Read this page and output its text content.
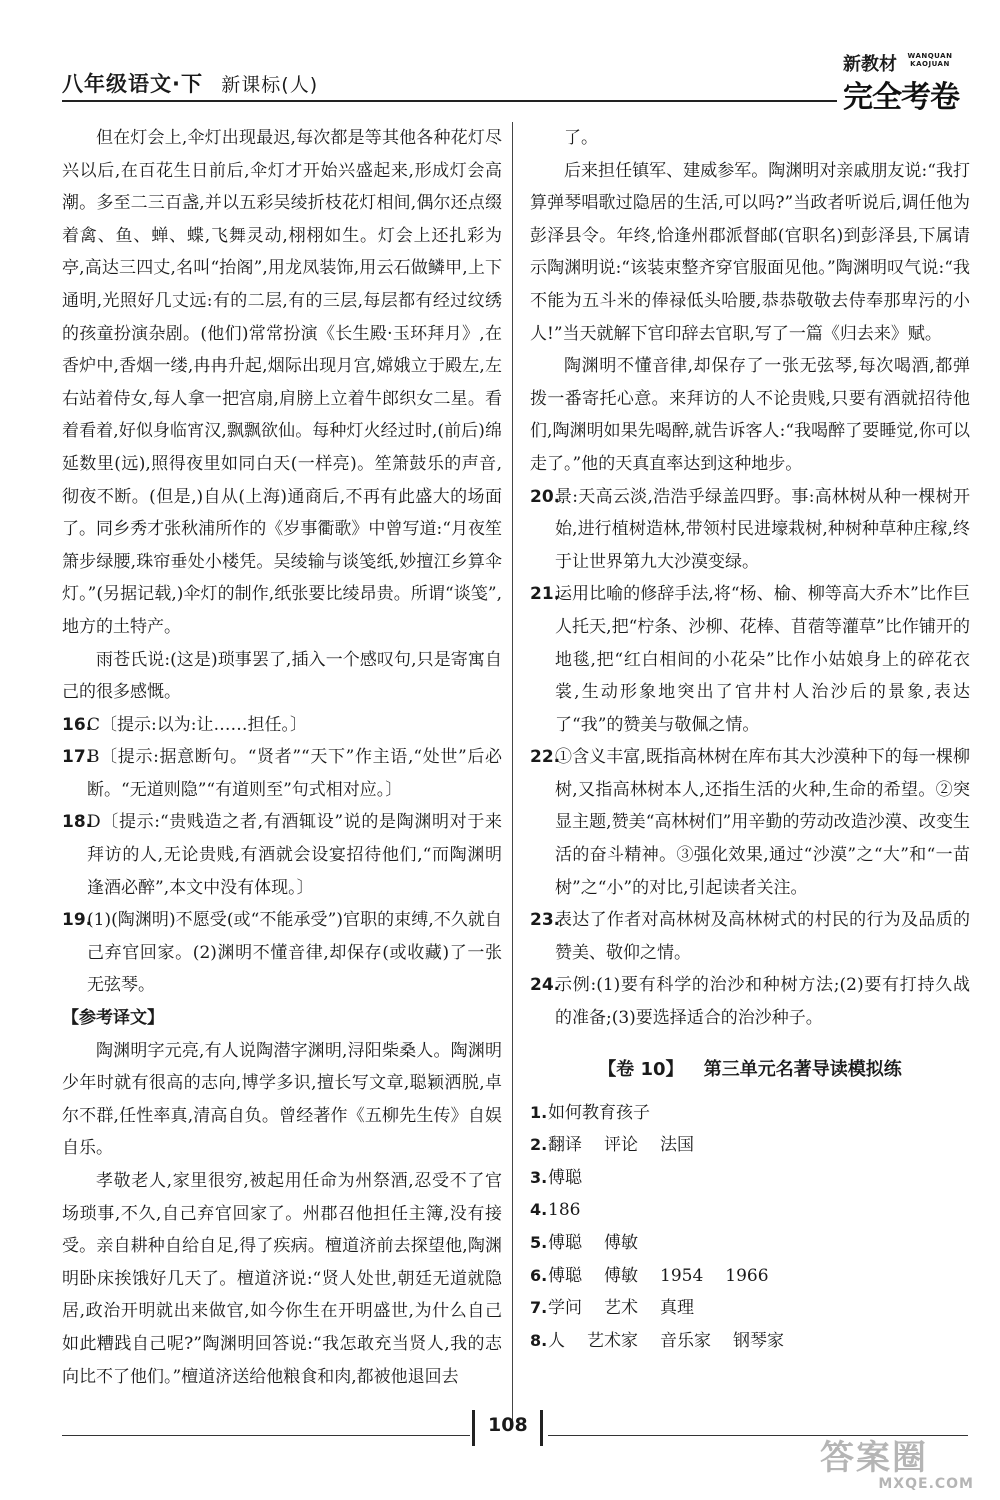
八年级语文·下 新课标(人)
新教材	WANQUAN
KAOJUAN
完全考卷

但在灯会上,伞灯出现最迟,每次都是等其他各种花灯尽兴以后,在百花生日前后,伞灯才开始兴盛起来,形成灯会高潮。多至二三百盏,并以五彩吴绫折枝花灯相间,偶尔还点缀着禽、鱼、蝉、蝶,飞舞灵动,栩栩如生。灯会上还扎彩为亭,高达三四丈,名叫“抬阁”,用龙凤装饰,用云石做鳞甲,上下通明,光照好几丈远:有的二层,有的三层,每层都有经过纹绣的孩童扮演杂剧。(他们)常常扮演《长生殿·玉环拜月》,在香炉中,香烟一缕,冉冉升起,烟际出现月宫,嫦娥立于殿左,左右站着侍女,每人拿一把宫扇,肩膀上立着牛郎织女二星。看着看着,好似身临宵汉,飘飘欲仙。每种灯火经过时,(前后)绵延数里(远),照得夜里如同白天(一样亮)。笙箫鼓乐的声音,彻夜不断。(但是,)自从(上海)通商后,不再有此盛大的场面了。同乡秀才张秋浦所作的《岁事衢歌》中曾写道:“月夜笙箫步绿腰,珠帘垂处小楼凭。吴绫输与谈笺纸,妙擅江乡算伞灯。”(另据记载,)伞灯的制作,纸张要比绫昂贵。所谓“谈笺”,地方的土特产。

雨苍氏说:(这是)琐事罢了,插入一个感叹句,只是寄寓自己的很多感慨。

16.

C〔提示:以为:让……担任。〕

17.

B〔提示:据意断句。“贤者”“天下”作主语,“处世”后必断。“无道则隐”“有道则至”句式相对应。〕

18.

D〔提示:“贵贱造之者,有酒辄设”说的是陶渊明对于来拜访的人,无论贵贱,有酒就会设宴招待他们,“而陶渊明逢酒必醉”,本文中没有体现。〕

19.

(1)(陶渊明)不愿受(或“不能承受”)官职的束缚,不久就自己弃官回家。(2)渊明不懂音律,却保存(或收藏)了一张无弦琴。

【参考译文】

陶渊明字元亮,有人说陶潜字渊明,浔阳柴桑人。陶渊明少年时就有很高的志向,博学多识,擅长写文章,聪颖洒脱,卓尔不群,任性率真,清高自负。曾经著作《五柳先生传》自娱自乐。

孝敬老人,家里很穷,被起用任命为州祭酒,忍受不了官场琐事,不久,自己弃官回家了。州郡召他担任主簿,没有接受。亲自耕种自给自足,得了疾病。檀道济前去探望他,陶渊明卧床挨饿好几天了。檀道济说:“贤人处世,朝廷无道就隐居,政治开明就出来做官,如今你生在开明盛世,为什么自己如此糟践自己呢?”陶渊明回答说:“我怎敢充当贤人,我的志向比不了他们。”檀道济送给他粮食和肉,都被他退回去

了。

后来担任镇军、建威参军。陶渊明对亲戚朋友说:“我打算弹琴唱歌过隐居的生活,可以吗?”当政者听说后,调任他为彭泽县令。年终,恰逢州郡派督邮(官职名)到彭泽县,下属请示陶渊明说:“该装束整齐穿官服面见他。”陶渊明叹气说:“我不能为五斗米的俸禄低头哈腰,恭恭敬敬去侍奉那卑污的小人!”当天就解下官印辞去官职,写了一篇《归去来》赋。

陶渊明不懂音律,却保存了一张无弦琴,每次喝酒,都弹拨一番寄托心意。来拜访的人不论贵贱,只要有酒就招待他们,陶渊明如果先喝醉,就告诉客人:“我喝醉了要睡觉,你可以走了。”他的天真直率达到这种地步。

20.

景:天高云淡,浩浩乎绿盖四野。事:高林树从种一棵树开始,进行植树造林,带领村民进壕栽树,种树种草种庄稼,终于让世界第九大沙漠变绿。

21.

运用比喻的修辞手法,将“杨、榆、柳等高大乔木”比作巨人托天,把“柠条、沙柳、花棒、苜蓿等灌草”比作铺开的地毯,把“红白相间的小花朵”比作小姑娘身上的碎花衣裳,生动形象地突出了官井村人治沙后的景象,表达了“我”的赞美与敬佩之情。

22.

①含义丰富,既指高林树在库布其大沙漠种下的每一棵柳树,又指高林树本人,还指生活的火种,生命的希望。②突显主题,赞美“高林树们”用辛勤的劳动改造沙漠、改变生活的奋斗精神。③强化效果,通过“沙漠”之“大”和“一苗树”之“小”的对比,引起读者关注。

23.

表达了作者对高林树及高林树式的村民的行为及品质的赞美、敬仰之情。

24.

示例:(1)要有科学的治沙和种树方法;(2)要有打持久战的准备;(3)要选择适合的治沙种子。

【卷 10】 第三单元名著导读模拟练
1. 如何教育孩子
2. 翻译 评论 法国
3. 傅聪
4. 186
5. 傅聪 傅敏
6. 傅聪 傅敏 1954 1966
7. 学问 艺术 真理
8. 人 艺术家 音乐家 钢琴家
108
答案圈
MXQE.COM
